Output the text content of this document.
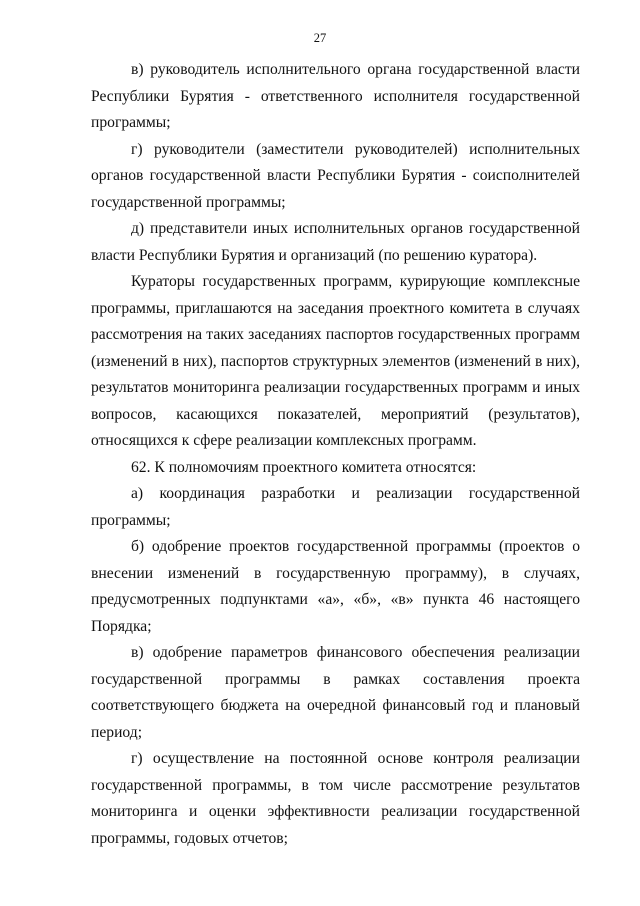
27

в) руководитель исполнительного органа государственной власти Республики Бурятия - ответственного исполнителя государственной программы;

г) руководители (заместители руководителей) исполнительных органов государственной власти Республики Бурятия - соисполнителей государственной программы;

д) представители иных исполнительных органов государственной власти Республики Бурятия и организаций (по решению куратора).

Кураторы государственных программ, курирующие комплексные программы, приглашаются на заседания проектного комитета в случаях рассмотрения на таких заседаниях паспортов государственных программ (изменений в них), паспортов структурных элементов (изменений в них), результатов мониторинга реализации государственных программ и иных вопросов, касающихся показателей, мероприятий (результатов), относящихся к сфере реализации комплексных программ.

62. К полномочиям проектного комитета относятся:

а) координация разработки и реализации государственной программы;

б) одобрение проектов государственной программы (проектов о внесении изменений в государственную программу), в случаях, предусмотренных подпунктами «а», «б», «в» пункта 46 настоящего Порядка;

в) одобрение параметров финансового обеспечения реализации государственной программы в рамках составления проекта соответствующего бюджета на очередной финансовый год и плановый период;

г) осуществление на постоянной основе контроля реализации государственной программы, в том числе рассмотрение результатов мониторинга и оценки эффективности реализации государственной программы, годовых отчетов;
